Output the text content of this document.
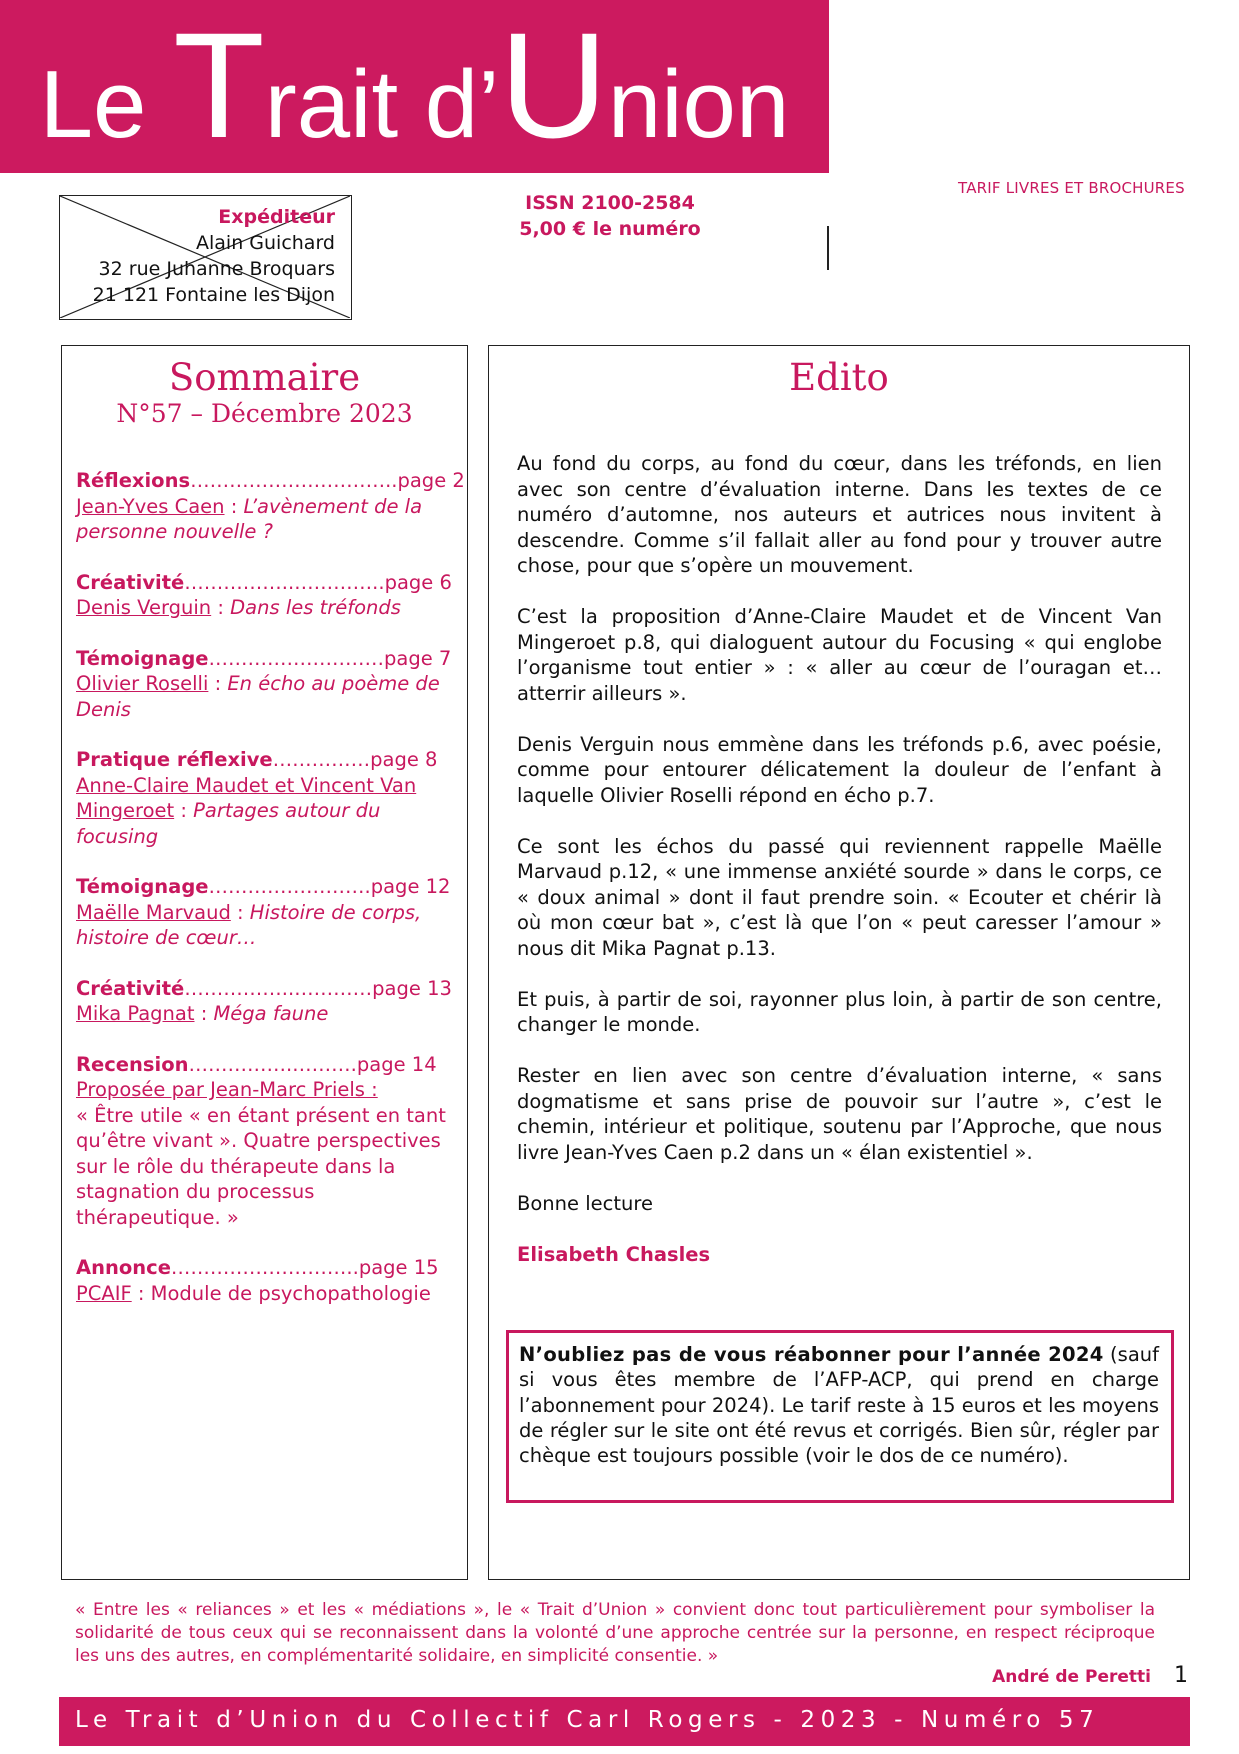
Le Trait d’Union
Expéditeur
Alain Guichard
32 rue Juhanne Broquars
21 121 Fontaine les Dijon
ISSN 2100-2584
5,00 € le numéro
TARIF LIVRES ET BROCHURES
Sommaire
N°57 – Décembre 2023
Réflexions…………………………..page 2
Jean-Yves Caen : L’avènement de la personne nouvelle ?
Créativité……………..…………..page 6
Denis Verguin : Dans les tréfonds
Témoignage………………………page 7
Olivier Roselli : En écho au poème de Denis
Pratique réflexive……………page 8
Anne-Claire Maudet et Vincent Van Mingeroet : Partages autour du focusing
Témoignage…………………….page 12
Maëlle Marvaud : Histoire de corps, histoire de cœur…
Créativité……………..…………page 13
Mika Pagnat : Méga faune
Recension…………….……….page 14
Proposée par Jean-Marc Priels :
« Être utile « en étant présent en tant qu’être vivant ». Quatre perspectives sur le rôle du thérapeute dans la stagnation du processus thérapeutique. »
Annonce………………………..page 15
PCAIF : Module de psychopathologie
Edito

Au fond du corps, au fond du cœur, dans les tréfonds, en lien avec son centre d’évaluation interne. Dans les textes de ce numéro d’automne, nos auteurs et autrices nous invitent à descendre. Comme s’il fallait aller au fond pour y trouver autre chose, pour que s’opère un mouvement.

C’est la proposition d’Anne-Claire Maudet et de Vincent Van Mingeroet p.8, qui dialoguent autour du Focusing « qui englobe l’organisme tout entier » : « aller au cœur de l’ouragan et… atterrir ailleurs ».

Denis Verguin nous emmène dans les tréfonds p.6, avec poésie, comme pour entourer délicatement la douleur de l’enfant à laquelle Olivier Roselli répond en écho p.7.

Ce sont les échos du passé qui reviennent rappelle Maëlle Marvaud p.12, « une immense anxiété sourde » dans le corps, ce « doux animal » dont il faut prendre soin. « Ecouter et chérir là où mon cœur bat », c’est là que l’on « peut caresser l’amour » nous dit Mika Pagnat p.13.

Et puis, à partir de soi, rayonner plus loin, à partir de son centre, changer le monde.

Rester en lien avec son centre d’évaluation interne, « sans dogmatisme et sans prise de pouvoir sur l’autre », c’est le chemin, intérieur et politique, soutenu par l’Approche, que nous livre Jean-Yves Caen p.2 dans un « élan existentiel ».

Bonne lecture

Elisabeth Chasles

N’oubliez pas de vous réabonner pour l’année 2024 (sauf si vous êtes membre de l’AFP-ACP, qui prend en charge l’abonnement pour 2024). Le tarif reste à 15 euros et les moyens de régler sur le site ont été revus et corrigés. Bien sûr, régler par chèque est toujours possible (voir le dos de ce numéro).
« Entre les « reliances » et les « médiations », le « Trait d’Union » convient donc tout particulièrement pour symboliser la solidarité de tous ceux qui se reconnaissent dans la volonté d’une approche centrée sur la personne, en respect réciproque les uns des autres, en complémentarité solidaire, en simplicité consentie. »
André de Peretti 1
Le Trait d’Union du Collectif Carl Rogers - 2023 - Numéro 57
